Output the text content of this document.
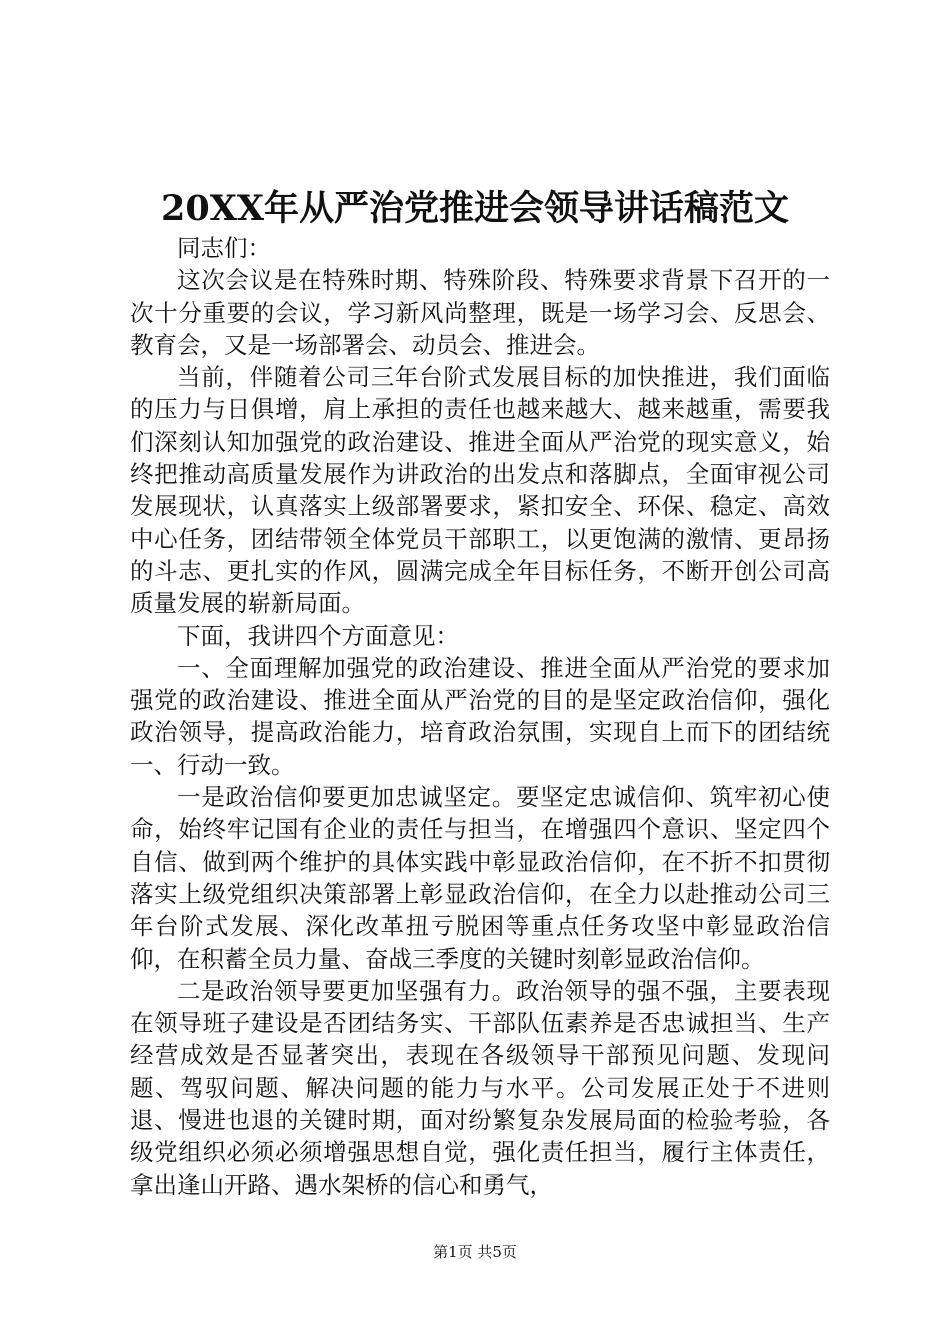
20XX年从严治党推进会领导讲话稿范文

同志们：

这次会议是在特殊时期、特殊阶段、特殊要求背景下召开的一次十分重要的会议，学习新风尚整理，既是一场学习会、反思会、教育会，又是一场部署会、动员会、推进会。

当前，伴随着公司三年台阶式发展目标的加快推进，我们面临的压力与日俱增，肩上承担的责任也越来越大、越来越重，需要我们深刻认知加强党的政治建设、推进全面从严治党的现实意义，始终把推动高质量发展作为讲政治的出发点和落脚点，全面审视公司发展现状，认真落实上级部署要求，紧扣安全、环保、稳定、高效中心任务，团结带领全体党员干部职工，以更饱满的激情、更昂扬的斗志、更扎实的作风，圆满完成全年目标任务，不断开创公司高质量发展的崭新局面。

下面，我讲四个方面意见：

一、全面理解加强党的政治建设、推进全面从严治党的要求加强党的政治建设、推进全面从严治党的目的是坚定政治信仰，强化政治领导，提高政治能力，培育政治氛围，实现自上而下的团结统一、行动一致。

一是政治信仰要更加忠诚坚定。要坚定忠诚信仰、筑牢初心使命，始终牢记国有企业的责任与担当，在增强四个意识、坚定四个自信、做到两个维护的具体实践中彰显政治信仰，在不折不扣贯彻落实上级党组织决策部署上彰显政治信仰，在全力以赴推动公司三年台阶式发展、深化改革扭亏脱困等重点任务攻坚中彰显政治信仰，在积蓄全员力量、奋战三季度的关键时刻彰显政治信仰。

二是政治领导要更加坚强有力。政治领导的强不强，主要表现在领导班子建设是否团结务实、干部队伍素养是否忠诚担当、生产经营成效是否显著突出，表现在各级领导干部预见问题、发现问题、驾驭问题、解决问题的能力与水平。公司发展正处于不进则退、慢进也退的关键时期，面对纷繁复杂发展局面的检验考验，各级党组织必须必须增强思想自觉，强化责任担当，履行主体责任，拿出逢山开路、遇水架桥的信心和勇气，

第1页 共5页
